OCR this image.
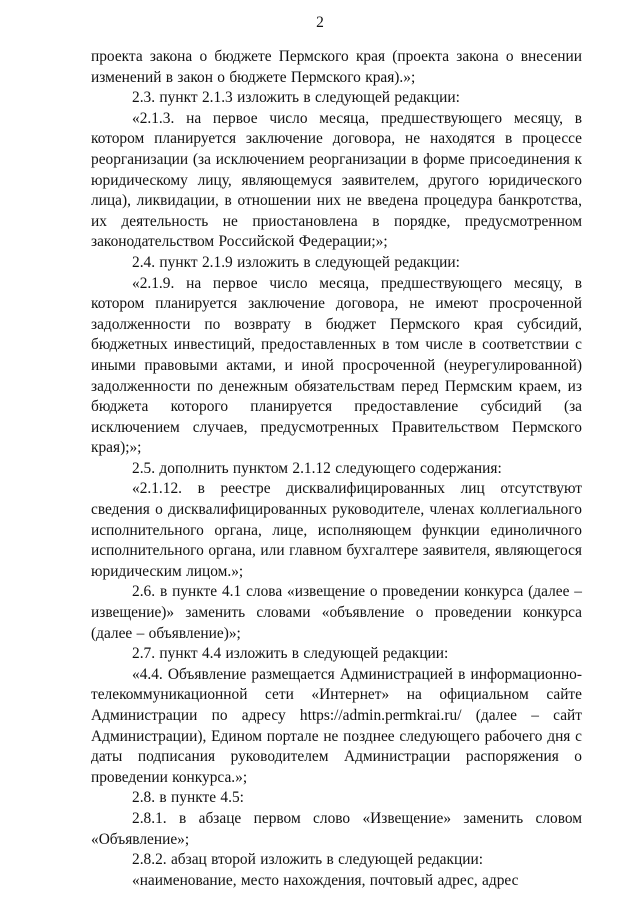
2

проекта закона о бюджете Пермского края (проекта закона о внесении изменений в закон о бюджете Пермского края).»;

2.3. пункт 2.1.3 изложить в следующей редакции:

«2.1.3. на первое число месяца, предшествующего месяцу, в котором планируется заключение договора, не находятся в процессе реорганизации (за исключением реорганизации в форме присоединения к юридическому лицу, являющемуся заявителем, другого юридического лица), ликвидации, в отношении них не введена процедура банкротства, их деятельность не приостановлена в порядке, предусмотренном законодательством Российской Федерации;»;

2.4. пункт 2.1.9 изложить в следующей редакции:

«2.1.9. на первое число месяца, предшествующего месяцу, в котором планируется заключение договора, не имеют просроченной задолженности по возврату в бюджет Пермского края субсидий, бюджетных инвестиций, предоставленных в том числе в соответствии с иными правовыми актами, и иной просроченной (неурегулированной) задолженности по денежным обязательствам перед Пермским краем, из бюджета которого планируется предоставление субсидий (за исключением случаев, предусмотренных Правительством Пермского края);»;

2.5. дополнить пунктом 2.1.12 следующего содержания:

«2.1.12. в реестре дисквалифицированных лиц отсутствуют сведения о дисквалифицированных руководителе, членах коллегиального исполнительного органа, лице, исполняющем функции единоличного исполнительного органа, или главном бухгалтере заявителя, являющегося юридическим лицом.»;

2.6. в пункте 4.1 слова «извещение о проведении конкурса (далее – извещение)» заменить словами «объявление о проведении конкурса (далее – объявление)»;

2.7. пункт 4.4 изложить в следующей редакции:

«4.4. Объявление размещается Администрацией в информационно-телекоммуникационной сети «Интернет» на официальном сайте Администрации по адресу https://admin.permkrai.ru/ (далее – сайт Администрации), Едином портале не позднее следующего рабочего дня с даты подписания руководителем Администрации распоряжения о проведении конкурса.»;

2.8. в пункте 4.5:

2.8.1. в абзаце первом слово «Извещение» заменить словом «Объявление»;

2.8.2. абзац второй изложить в следующей редакции:

«наименование, место нахождения, почтовый адрес, адрес
